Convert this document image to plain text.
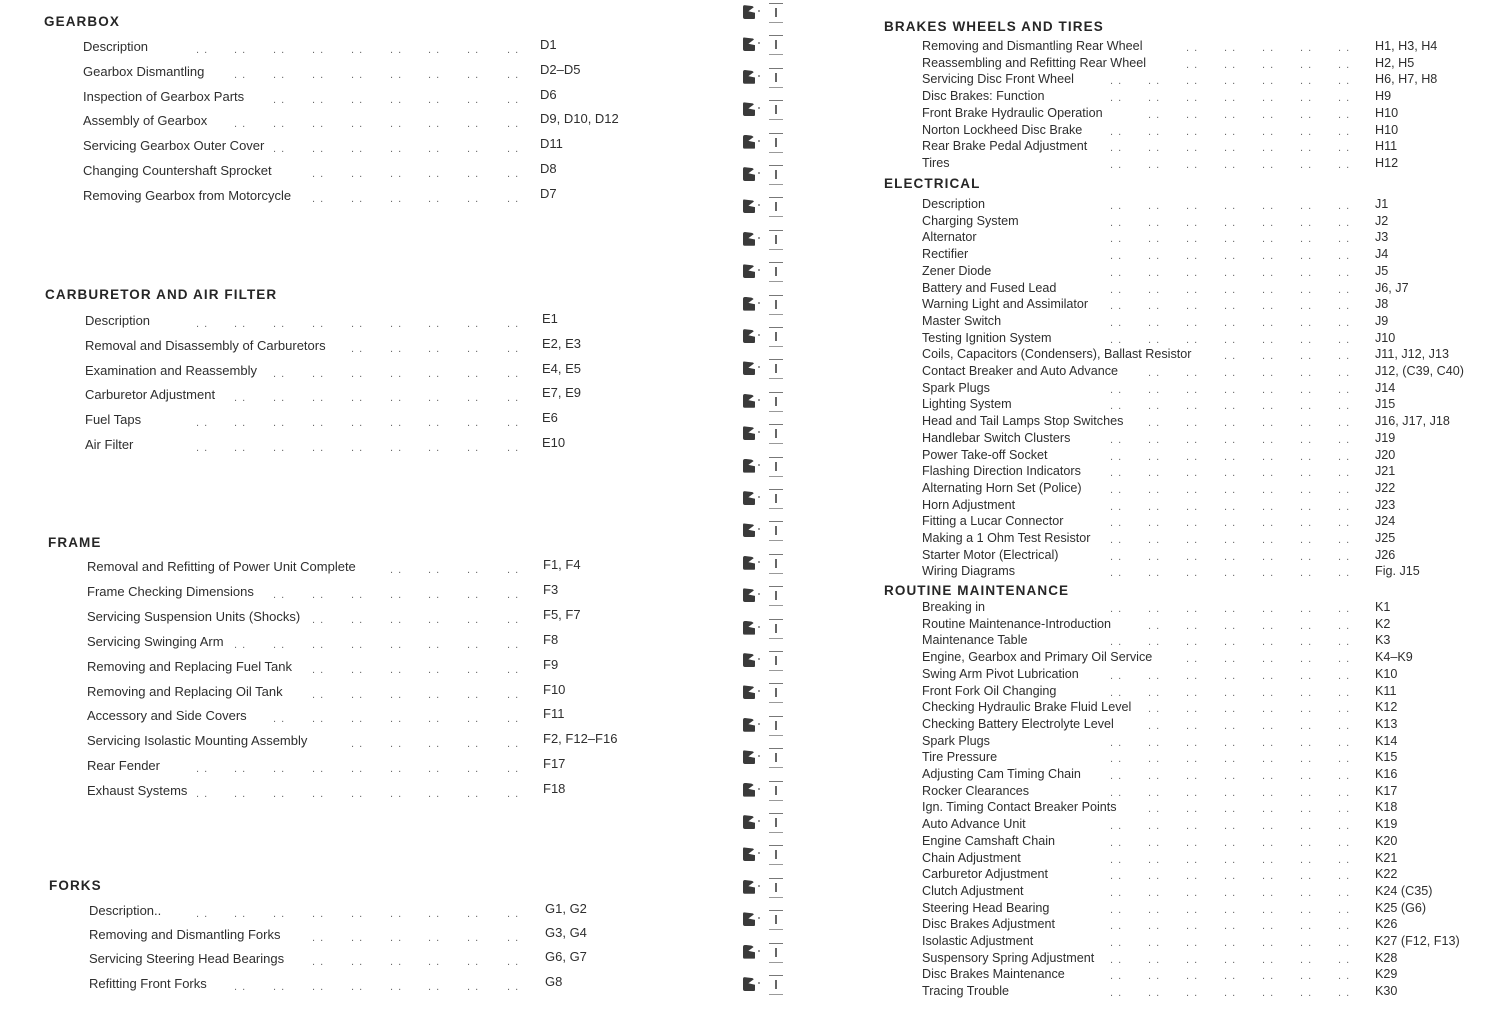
GEARBOX
Description	. . . . . . . . . . . . . . . .	. . D1
Gearbox Dismantling	. . . . . . . . . . . . . .	. . D2–D5
Inspection of Gearbox Parts	. . . . . . . . . . . .	. . D6
Assembly of Gearbox . . . . . . . . . . . . . .	. . D9, D10, D12
Servicing Gearbox Outer Cover . . . . . . . . . . . .	. . D11
Changing Countershaft Sprocket	. . . . . . . . . .	. . D8
Removing Gearbox from Motorcycle . . . . . . . . . .	. . D7
CARBURETOR AND AIR FILTER
Description	. . . . . . . . . . . . . . . .	. . E1
Removal and Disassembly of Carburetors . . . . . . . .	. . E2, E3
Examination and Reassembly . . . . . . . . . . . .	. . E4, E5
Carburetor Adjustment . . . . . . . . . . . . . .	. . E7, E9
Fuel Taps	. . . . . . . . . . . . . . . .	. . E6
Air Filter	. . . . . . . . . . . . . . . .	. . E10
FRAME
Removal and Refitting of Power Unit Complete	. . . . . .	. . F1, F4
Frame Checking Dimensions . . . . . . . . . . . .	. . F3
Servicing Suspension Units (Shocks) . . . . . . . . . .	. . F5, F7
Servicing Swinging Arm . . . . . . . . . . . . . .	. . F8
Removing and Replacing Fuel Tank . . . . . . . . . .	. . F9
Removing and Replacing Oil Tank	. . . . . . . . . .	. . F10
Accessory and Side Covers . . . . . . . . . . . .	. . F11
Servicing Isolastic Mounting Assembly	. . . . . . . .	. . F2, F12–F16
Rear Fender	. . . . . . . . . . . . . . . .	. . F17
Exhaust Systems . . . . . . . . . . . . . . . .	. . F18
FORKS
Description..	. . . . . . . . . . . . . . . .	. . G1, G2
Removing and Dismantling Forks	. . . . . . . . . .	. . G3, G4
Servicing Steering Head Bearings	. . . . . . . . . .	. . G6, G7
Refitting Front Forks . . . . . . . . . . . . . .	. . G8
BRAKES WHEELS AND TIRES
Removing and Dismantling Rear Wheel	. . . . . . . . . . H1, H3, H4
Reassembling and Refitting Rear Wheel	. . . . . . . . . . H2, H5
Servicing Disc Front Wheel	. . . . . . . . . . . . . . H6, H7, H8
Disc Brakes: Function	. . . . . . . . . . . . . . H9
Front Brake Hydraulic Operation	. . . . . . . . . . . . H10
Norton Lockheed Disc Brake	. . . . . . . . . . . . . . H10
Rear Brake Pedal Adjustment . . . . . . . . . . . . . . H11
Tires	. . . . . . . . . . . . . . H12
ELECTRICAL
Description	. . . . . . . . . . . . . . J1
Charging System	. . . . . . . . . . . . . . J2
Alternator	. . . . . . . . . . . . . . J3
Rectifier	. . . . . . . . . . . . . . J4
Zener Diode	. . . . . . . . . . . . . . J5
Battery and Fused Lead	. . . . . . . . . . . . . . J6, J7
Warning Light and Assimilator . . . . . . . . . . . . . . J8
Master Switch	. . . . . . . . . . . . . . J9
Testing Ignition System	. . . . . . . . . . . . . . J10
Coils, Capacitors (Condensers), Ballast Resistor	. . . . . . . . J11, J12, J13
Contact Breaker and Auto Advance	. . . . . . . . . . . . J12, (C39, C40)
Spark Plugs	. . . . . . . . . . . . . . J14
Lighting System	. . . . . . . . . . . . . . J15
Head and Tail Lamps Stop Switches . . . . . . . . . . . . J16, J17, J18
Handlebar Switch Clusters	. . . . . . . . . . . . . . J19
Power Take-off Socket	. . . . . . . . . . . . . . J20
Flashing Direction Indicators	. . . . . . . . . . . . . . J21
Alternating Horn Set (Police)	. . . . . . . . . . . . . . J22
Horn Adjustment	. . . . . . . . . . . . . . J23
Fitting a Lucar Connector	. . . . . . . . . . . . . . J24
Making a 1 Ohm Test Resistor . . . . . . . . . . . . . . J25
Starter Motor (Electrical)	. . . . . . . . . . . . . . J26
Wiring Diagrams	. . . . . . . . . . . . . . Fig. J15
ROUTINE MAINTENANCE
Breaking in	. . . . . . . . . . . . . . K1
Routine Maintenance-Introduction	. . . . . . . . . . . . K2
Maintenance Table	. . . . . . . . . . . . . . K3
Engine, Gearbox and Primary Oil Service	. . . . . . . . . . K4–K9
Swing Arm Pivot Lubrication	. . . . . . . . . . . . . . K10
Front Fork Oil Changing	. . . . . . . . . . . . . . K11
Checking Hydraulic Brake Fluid Level . . . . . . . . . . . . K12
Checking Battery Electrolyte Level	. . . . . . . . . . . . K13
Spark Plugs	. . . . . . . . . . . . . . K14
Tire Pressure	. . . . . . . . . . . . . . K15
Adjusting Cam Timing Chain	. . . . . . . . . . . . . . K16
Rocker Clearances	. . . . . . . . . . . . . . K17
Ign. Timing Contact Breaker Points	. . . . . . . . . . . . K18
Auto Advance Unit	. . . . . . . . . . . . . . K19
Engine Camshaft Chain	. . . . . . . . . . . . . . K20
Chain Adjustment	. . . . . . . . . . . . . . K21
Carburetor Adjustment	. . . . . . . . . . . . . . K22
Clutch Adjustment	. . . . . . . . . . . . . . K24 (C35)
Steering Head Bearing	. . . . . . . . . . . . . . K25 (G6)
Disc Brakes Adjustment	. . . . . . . . . . . . . . K26
Isolastic Adjustment	. . . . . . . . . . . . . . K27 (F12, F13)
Suspensory Spring Adjustment . . . . . . . . . . . . . . K28
Disc Brakes Maintenance	. . . . . . . . . . . . . . K29
Tracing Trouble	. . . . . . . . . . . . . . K30
